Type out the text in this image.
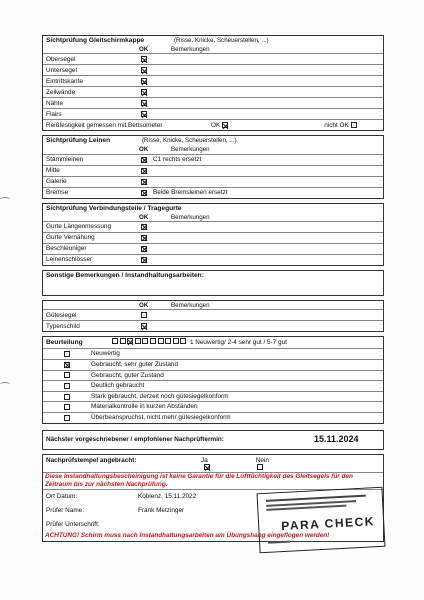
Sichtprüfung Gleitschirmkappe	(Risse, Knicke, Scheuerstellen, ...)
OK	Bemerkungen
Obersegel
Untersegel
Eintrittskante
Zellwände
Nähte
Flairs
Reißfestigkeit gemessen mit Bettsometer	OK	nicht OK
Sichtprüfung Leinen	(Risse, Knicke, Scheuerstellen, ...)
OK	Bemerkungen
Stammleinen	C1 rechts ersetzt
Mitte
Galerie
Bremse	Beide Bremsleinen ersetzt
Sichtprüfung Verbindungsteile / Tragegurte
OK	Bemerkungen
Gurte Längenmessung
Gurte Vernähung
Beschleuniger
Leinenschlösser
Sonstige Bemerkungen / Instandhaltungsarbeiten:
OK	Bemerkungen
Gütesiegel
Typenschild
Beurteilung	1 Neuwertig/ 2-4 sehr gut / 5-7 gut
Neuwertig
Gebraucht, sehr guter Zustand
Gebraucht, guter Zustand
Deutlich gebraucht
Stark gebraucht, derzeit noch gütesiegelkonform
Materialkontrolle in kurzen Abständen
Überbeanspruchst, nicht mehr gütesiegelkonform
Nächster vorgeschriebener / empfohlener Nachprüftermin:	15.11.2024
Nachprüfstempel angebracht:	Ja	Nein
Diese Instandhaltungsbescheinigung ist keine Garantie für die Lufttüchtigkeit des Gleitsegels für den Zeitraum bis zur nächsten Nachprüfung.
Ort Datum:	Koblenz, 15.11.2022
Prüfer Name:	Frank Metzinger
Prüfer Unterschrift:
ACHTUNG! Schirm muss nach Instandhaltungsarbeiten am Übungshang eingeflogen werden!
PARA CHECK
